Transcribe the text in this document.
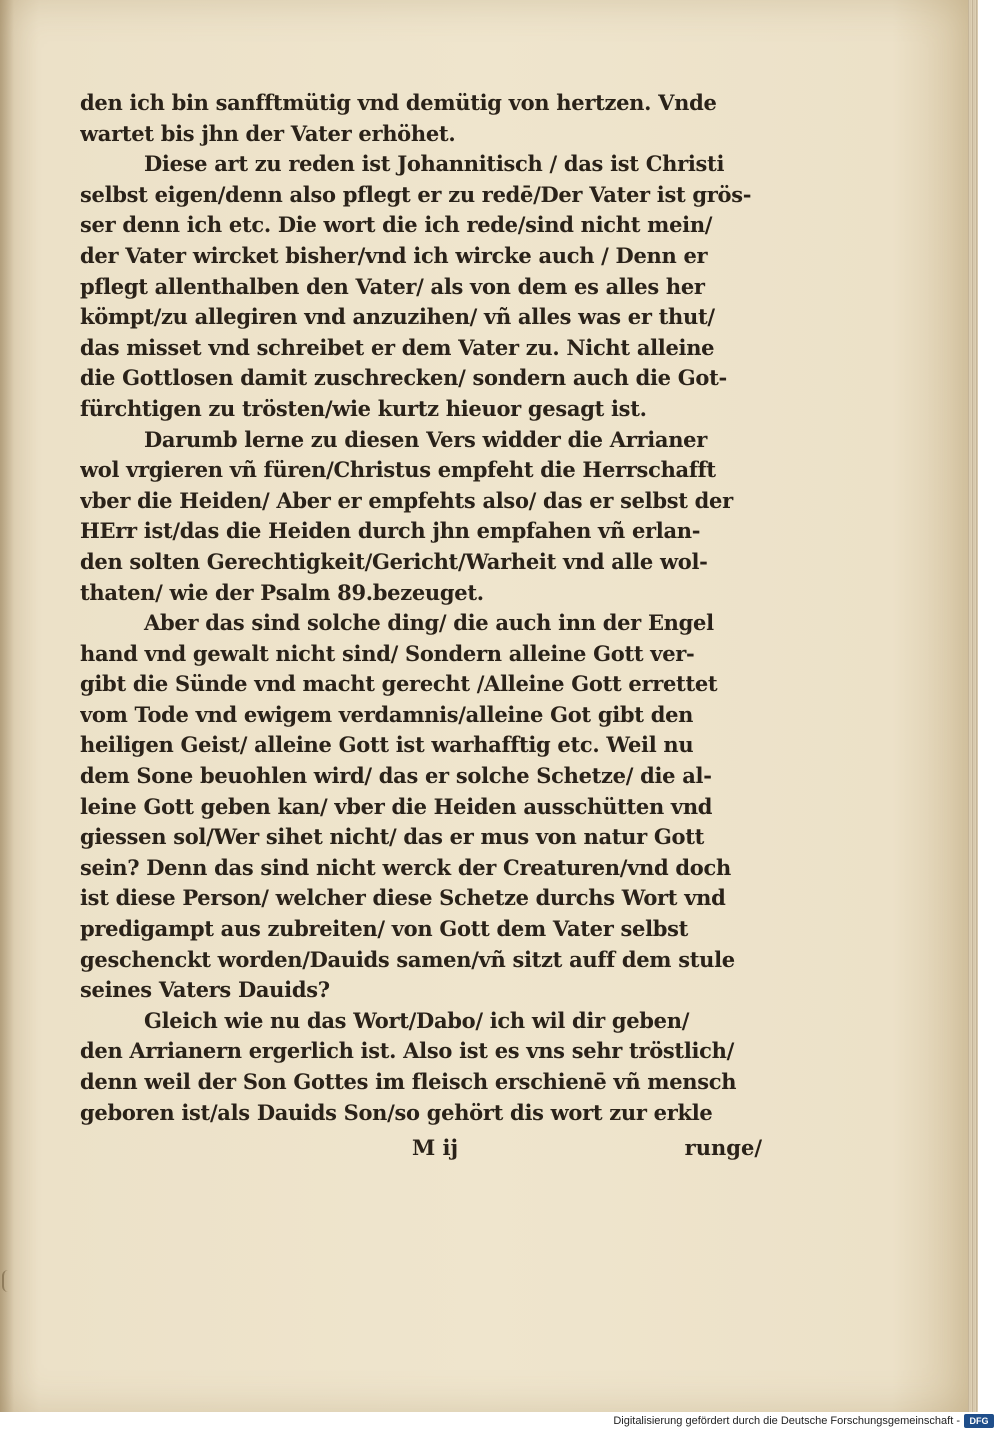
den ich bin sanfftmütig vnd demütig von hertzen. Vnde
wartet bis jhn der Vater erhöhet.
Diese art zu reden ist Johannitisch / das ist Christi
selbst eigen/denn also pflegt er zu redē/Der Vater ist grös-
ser denn ich etc. Die wort die ich rede/sind nicht mein/
der Vater wircket bisher/vnd ich wircke auch / Denn er
pflegt allenthalben den Vater/ als von dem es alles her
kömpt/zu allegiren vnd anzuzihen/ vñ alles was er thut/
das misset vnd schreibet er dem Vater zu. Nicht alleine
die Gottlosen damit zuschrecken/ sondern auch die Got-
fürchtigen zu trösten/wie kurtz hieuor gesagt ist.
Darumb lerne zu diesen Vers widder die Arrianer
wol vrgieren vñ füren/Christus empfeht die Herrschafft
vber die Heiden/ Aber er empfehts also/ das er selbst der
HErr ist/das die Heiden durch jhn empfahen vñ erlan-
den solten Gerechtigkeit/Gericht/Warheit vnd alle wol-
thaten/ wie der Psalm 89.bezeuget.
Aber das sind solche ding/ die auch inn der Engel
hand vnd gewalt nicht sind/ Sondern alleine Gott ver-
gibt die Sünde vnd macht gerecht /Alleine Gott errettet
vom Tode vnd ewigem verdamnis/alleine Got gibt den
heiligen Geist/ alleine Gott ist warhafftig etc. Weil nu
dem Sone beuohlen wird/ das er solche Schetze/ die al-
leine Gott geben kan/ vber die Heiden ausschütten vnd
giessen sol/Wer sihet nicht/ das er mus von natur Gott
sein? Denn das sind nicht werck der Creaturen/vnd doch
ist diese Person/ welcher diese Schetze durchs Wort vnd
predigampt aus zubreiten/ von Gott dem Vater selbst
geschenckt worden/Dauids samen/vñ sitzt auff dem stule
seines Vaters Dauids?
Gleich wie nu das Wort/Dabo/ ich wil dir geben/
den Arrianern ergerlich ist. Also ist es vns sehr tröstlich/
denn weil der Son Gottes im fleisch erschienē vñ mensch
geboren ist/als Dauids Son/so gehört dis wort zur erkle
M ij	runge/
Digitalisierung gefördert durch die Deutsche Forschungsgemeinschaft -	DFG
